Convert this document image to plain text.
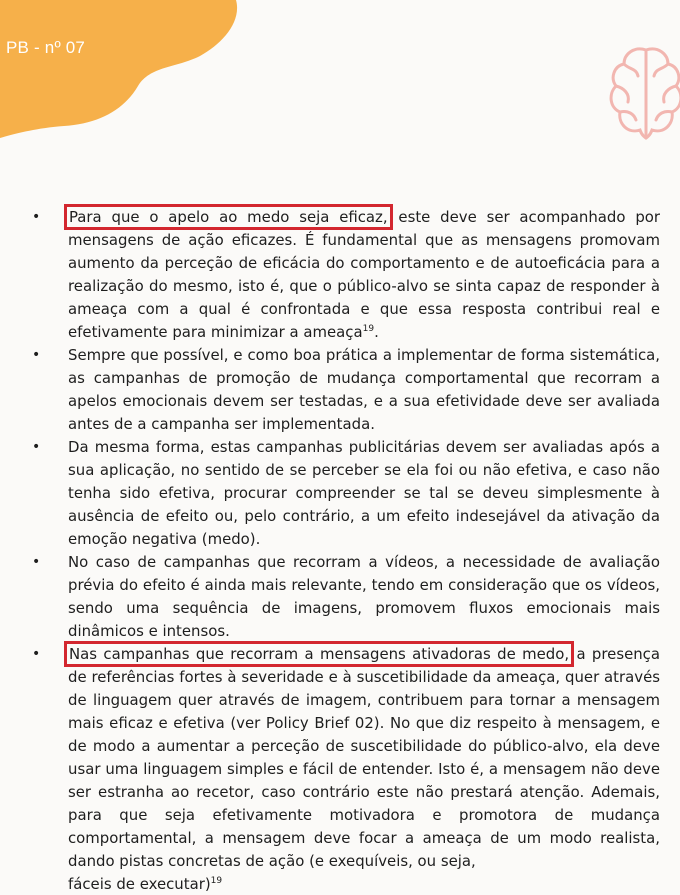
PB - nº 07
• Para que o apelo ao medo seja eficaz, este deve ser acompanhado por mensagens de ação eficazes. É fundamental que as mensagens promovam aumento da perceção de eficácia do comportamento e de autoeficácia para a realização do mesmo, isto é, que o público-alvo se sinta capaz de responder à ameaça com a qual é confrontada e que essa resposta contribui real e efetivamente para minimizar a ameaça$^{19}$.

• Sempre que possível, e como boa prática a implementar de forma sistemática, as campanhas de promoção de mudança comportamental que recorram a apelos emocionais devem ser testadas, e a sua efetividade deve ser avaliada antes de a campanha ser implementada.

• Da mesma forma, estas campanhas publicitárias devem ser avaliadas após a sua aplicação, no sentido de se perceber se ela foi ou não efetiva, e caso não tenha sido efetiva, procurar compreender se tal se deveu simplesmente à ausência de efeito ou, pelo contrário, a um efeito indesejável da ativação da emoção negativa (medo).

• No caso de campanhas que recorram a vídeos, a necessidade de avaliação prévia do efeito é ainda mais relevante, tendo em consideração que os vídeos, sendo uma sequência de imagens, promovem fluxos emocionais mais dinâmicos e intensos.

• Nas campanhas que recorram a mensagens ativadoras de medo, a presença de referências fortes à severidade e à suscetibilidade da ameaça, quer através de linguagem quer através de imagem, contribuem para tornar a mensagem mais eficaz e efetiva (ver Policy Brief 02). No que diz respeito à mensagem, e de modo a aumentar a perceção de suscetibilidade do público-alvo, ela deve usar uma linguagem simples e fácil de entender. Isto é, a mensagem não deve ser estranha ao recetor, caso contrário este não prestará atenção. Ademais, para que seja efetivamente motivadora e promotora de mudança comportamental, a mensagem deve focar a ameaça de um modo realista, dando pistas concretas de ação (e exequíveis, ou seja,

fáceis de executar)$^{19}$
